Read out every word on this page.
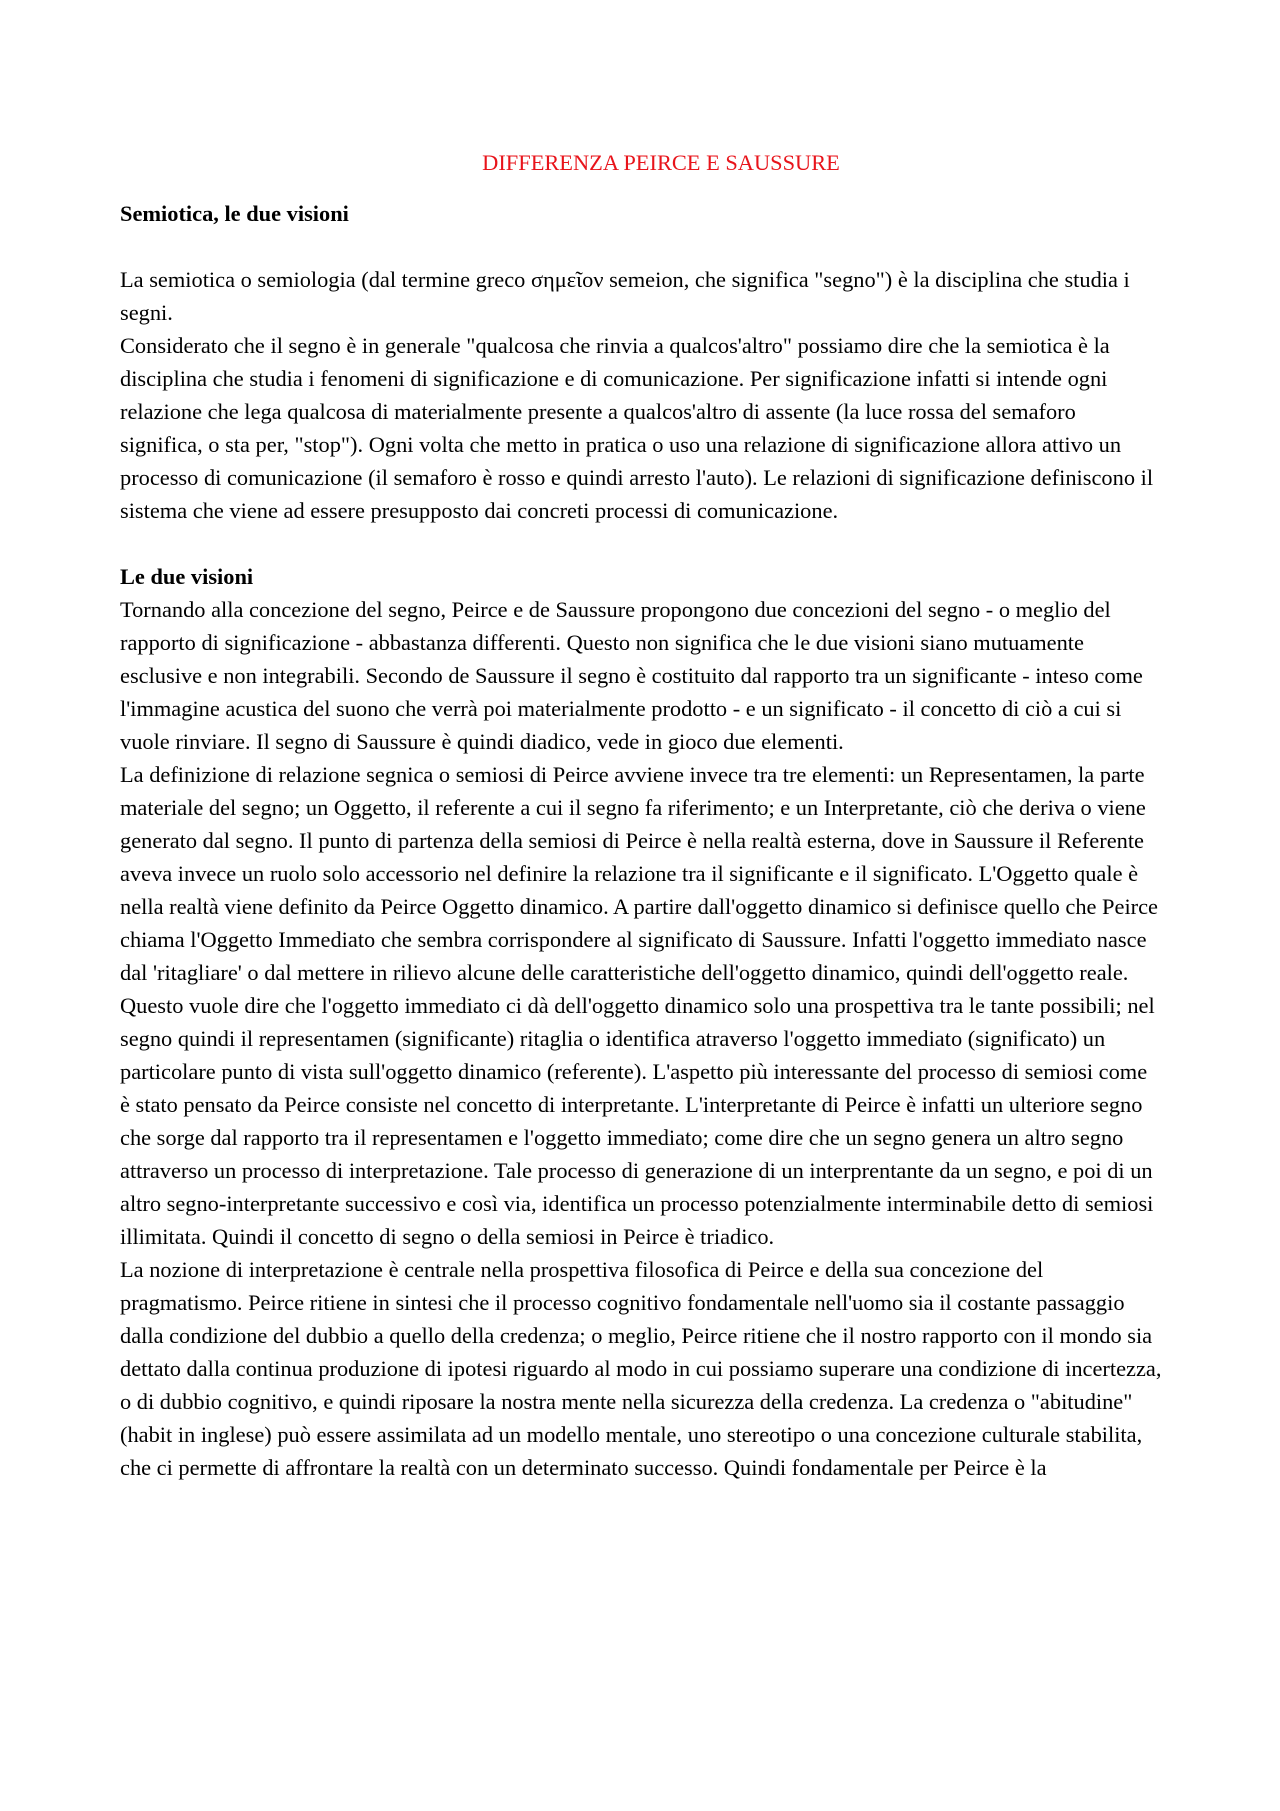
DIFFERENZA PEIRCE E SAUSSURE
Semiotica, le due visioni

La semiotica o semiologia (dal termine greco σημεῖον semeion, che significa "segno") è la disciplina che studia i segni.

Considerato che il segno è in generale "qualcosa che rinvia a qualcos'altro" possiamo dire che la semiotica è la disciplina che studia i fenomeni di significazione e di comunicazione. Per significazione infatti si intende ogni relazione che lega qualcosa di materialmente presente a qualcos'altro di assente (la luce rossa del semaforo significa, o sta per, "stop"). Ogni volta che metto in pratica o uso una relazione di significazione allora attivo un processo di comunicazione (il semaforo è rosso e quindi arresto l'auto). Le relazioni di significazione definiscono il sistema che viene ad essere presupposto dai concreti processi di comunicazione.

Le due visioni

Tornando alla concezione del segno, Peirce e de Saussure propongono due concezioni del segno - o meglio del rapporto di significazione - abbastanza differenti. Questo non significa che le due visioni siano mutuamente esclusive e non integrabili. Secondo de Saussure il segno è costituito dal rapporto tra un significante - inteso come l'immagine acustica del suono che verrà poi materialmente prodotto - e un significato - il concetto di ciò a cui si vuole rinviare. Il segno di Saussure è quindi diadico, vede in gioco due elementi.

La definizione di relazione segnica o semiosi di Peirce avviene invece tra tre elementi: un Representamen, la parte materiale del segno; un Oggetto, il referente a cui il segno fa riferimento; e un Interpretante, ciò che deriva o viene generato dal segno. Il punto di partenza della semiosi di Peirce è nella realtà esterna, dove in Saussure il Referente aveva invece un ruolo solo accessorio nel definire la relazione tra il significante e il significato. L'Oggetto quale è nella realtà viene definito da Peirce Oggetto dinamico. A partire dall'oggetto dinamico si definisce quello che Peirce chiama l'Oggetto Immediato che sembra corrispondere al significato di Saussure. Infatti l'oggetto immediato nasce dal 'ritagliare' o dal mettere in rilievo alcune delle caratteristiche dell'oggetto dinamico, quindi dell'oggetto reale. Questo vuole dire che l'oggetto immediato ci dà dell'oggetto dinamico solo una prospettiva tra le tante possibili; nel segno quindi il representamen (significante) ritaglia o identifica atraverso l'oggetto immediato (significato) un particolare punto di vista sull'oggetto dinamico (referente). L'aspetto più interessante del processo di semiosi come è stato pensato da Peirce consiste nel concetto di interpretante. L'interpretante di Peirce è infatti un ulteriore segno che sorge dal rapporto tra il representamen e l'oggetto immediato; come dire che un segno genera un altro segno attraverso un processo di interpretazione. Tale processo di generazione di un interprentante da un segno, e poi di un altro segno-interpretante successivo e così via, identifica un processo potenzialmente interminabile detto di semiosi illimitata. Quindi il concetto di segno o della semiosi in Peirce è triadico.

La nozione di interpretazione è centrale nella prospettiva filosofica di Peirce e della sua concezione del pragmatismo. Peirce ritiene in sintesi che il processo cognitivo fondamentale nell'uomo sia il costante passaggio dalla condizione del dubbio a quello della credenza; o meglio, Peirce ritiene che il nostro rapporto con il mondo sia dettato dalla continua produzione di ipotesi riguardo al modo in cui possiamo superare una condizione di incertezza, o di dubbio cognitivo, e quindi riposare la nostra mente nella sicurezza della credenza. La credenza o "abitudine" (habit in inglese) può essere assimilata ad un modello mentale, uno stereotipo o una concezione culturale stabilita, che ci permette di affrontare la realtà con un determinato successo. Quindi fondamentale per Peirce è la
